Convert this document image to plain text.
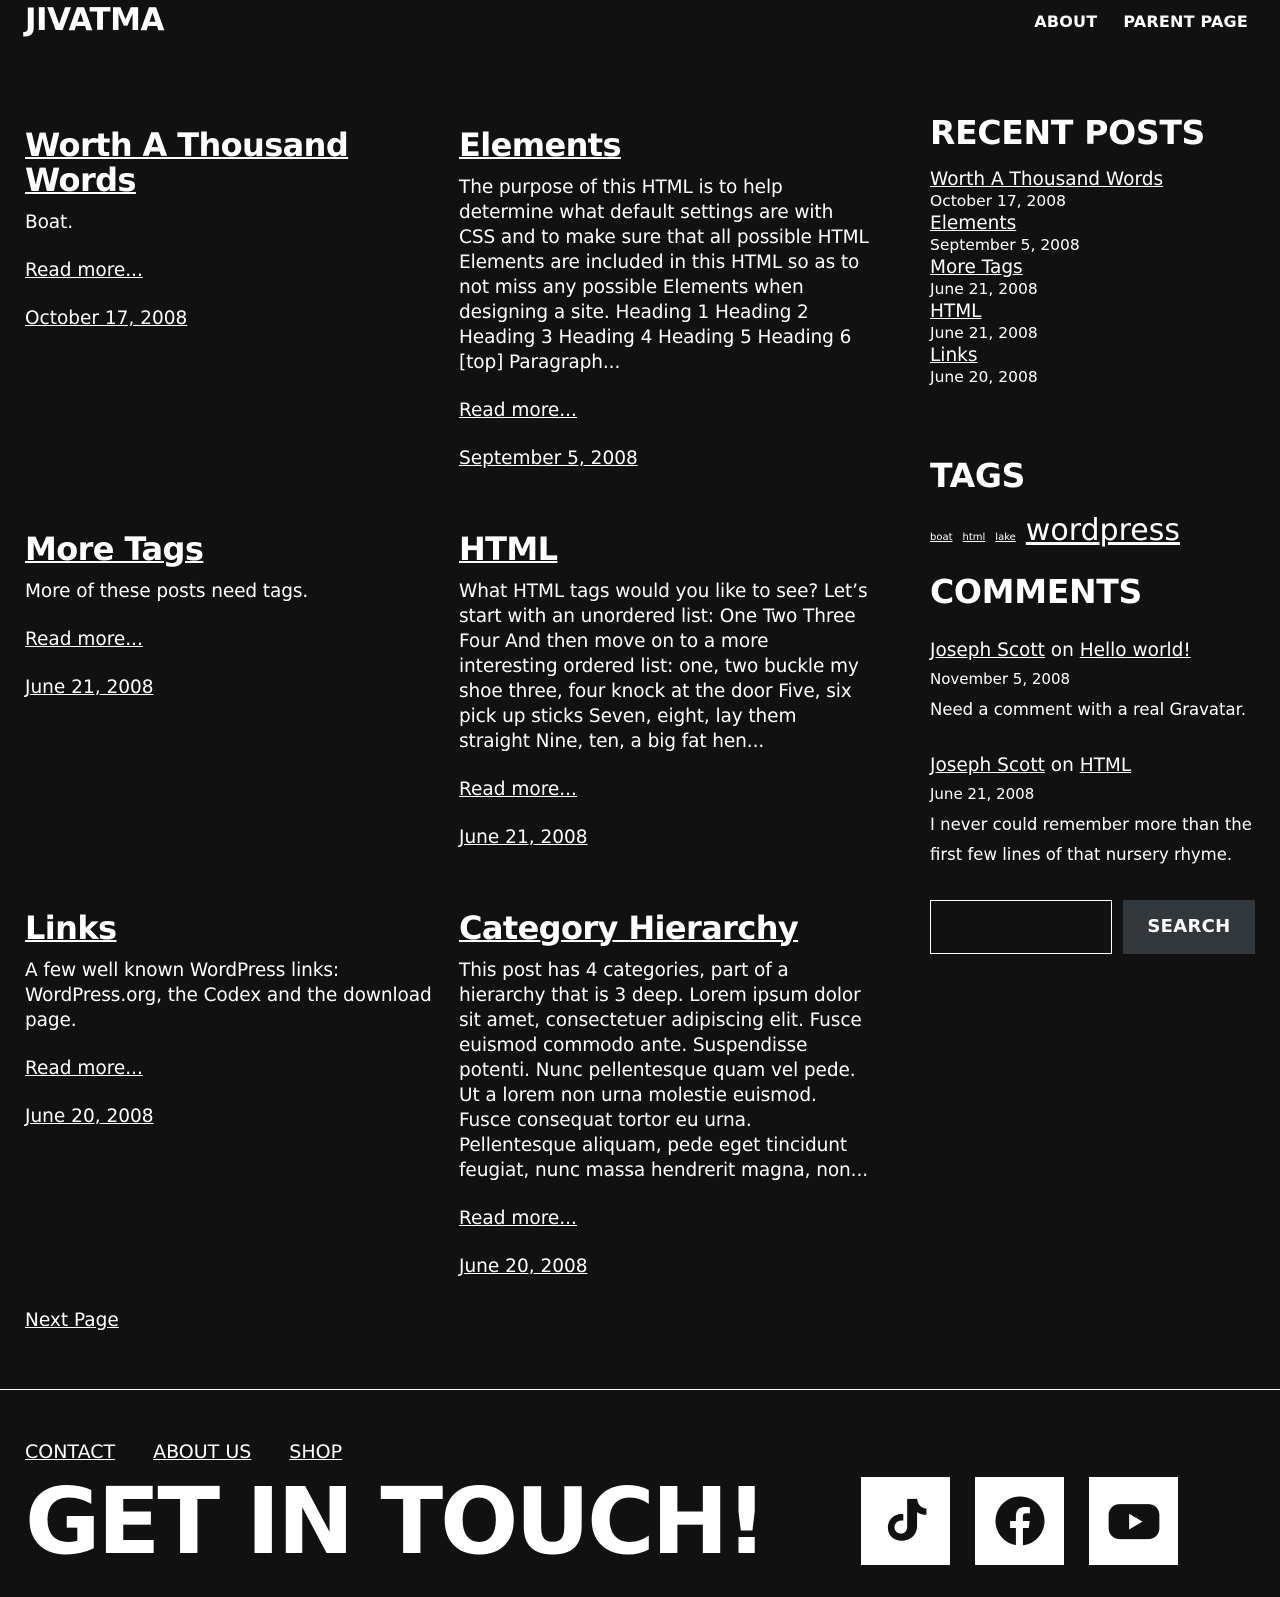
JIVATMA	ABOUT PARENT PAGE
Worth A Thousand Words

Boat.

Read more...
October 17, 2008
Elements

The purpose of this HTML is to help determine what default settings are with CSS and to make sure that all possible HTML Elements are included in this HTML so as to not miss any possible Elements when designing a site. Heading 1 Heading 2 Heading 3 Heading 4 Heading 5 Heading 6 [top] Paragraph...

Read more...
September 5, 2008
More Tags

More of these posts need tags.

Read more...
June 21, 2008
HTML

What HTML tags would you like to see? Let’s start with an unordered list: One Two Three Four And then move on to a more interesting ordered list: one, two buckle my shoe three, four knock at the door Five, six pick up sticks Seven, eight, lay them straight Nine, ten, a big fat hen...

Read more...
June 21, 2008
Links

A few well known WordPress links: WordPress.org, the Codex and the download page.

Read more...
June 20, 2008
Category Hierarchy

This post has 4 categories, part of a hierarchy that is 3 deep. Lorem ipsum dolor sit amet, consectetuer adipiscing elit. Fusce euismod commodo ante. Suspendisse potenti. Nunc pellentesque quam vel pede. Ut a lorem non urna molestie euismod. Fusce consequat tortor eu urna. Pellentesque aliquam, pede eget tincidunt feugiat, nunc massa hendrerit magna, non...

Read more...
June 20, 2008
Next Page
RECENT POSTS
Worth A Thousand Words
October 17, 2008
Elements
September 5, 2008
More Tags
June 21, 2008
HTML
June 21, 2008
Links
June 20, 2008
TAGS
boat html lake wordpress
COMMENTS
Joseph Scott on Hello world!
November 5, 2008
Need a comment with a real Gravatar.
Joseph Scott on HTML
June 21, 2008
I never could remember more than the first few lines of that nursery rhyme.
SEARCH
CONTACT ABOUT US SHOP
GET IN TOUCH!
